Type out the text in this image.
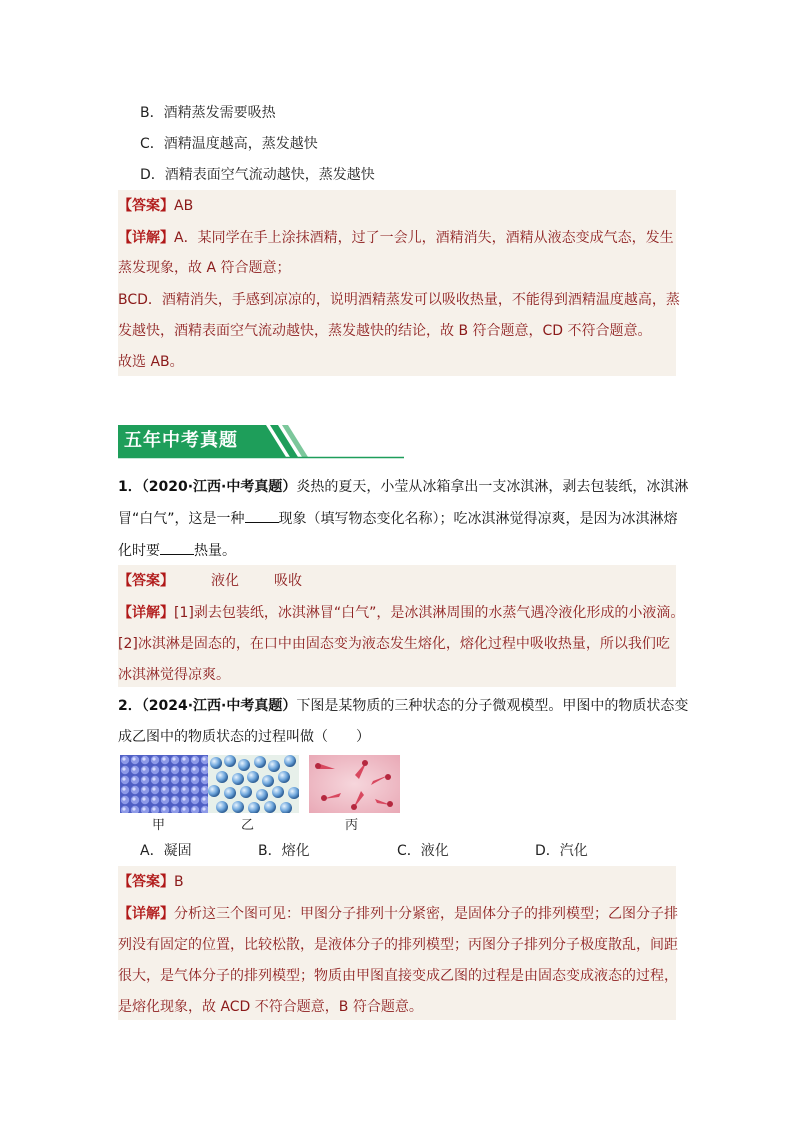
B．酒精蒸发需要吸热
C．酒精温度越高，蒸发越快
D．酒精表面空气流动越快，蒸发越快
【答案】AB
【详解】A．某同学在手上涂抹酒精，过了一会儿，酒精消失，酒精从液态变成气态，发生
蒸发现象，故 A 符合题意；
BCD．酒精消失，手感到凉凉的，说明酒精蒸发可以吸收热量，不能得到酒精温度越高，蒸
发越快，酒精表面空气流动越快，蒸发越快的结论，故 B 符合题意，CD 不符合题意。
故选 AB。
五年中考真题
1．（2020·江西·中考真题）炎热的夏天，小莹从冰箱拿出一支冰淇淋，剥去包装纸，冰淇淋
冒“白气”，这是一种 现象（填写物态变化名称）；吃冰淇淋觉得凉爽，是因为冰淇淋熔
化时要 热量。
【答案】	液化	吸收
【详解】[1]剥去包装纸，冰淇淋冒“白气”，是冰淇淋周围的水蒸气遇冷液化形成的小液滴。
[2]冰淇淋是固态的，在口中由固态变为液态发生熔化，熔化过程中吸收热量，所以我们吃
冰淇淋觉得凉爽。
2．（2024·江西·中考真题）下图是某物质的三种状态的分子微观模型。甲图中的物质状态变
成乙图中的物质状态的过程叫做（　　）
甲	乙	丙
A．凝固	B．熔化	C．液化	D．汽化
【答案】B
【详解】分析这三个图可见：甲图分子排列十分紧密，是固体分子的排列模型；乙图分子排
列没有固定的位置，比较松散，是液体分子的排列模型；丙图分子排列分子极度散乱，间距
很大，是气体分子的排列模型；物质由甲图直接变成乙图的过程是由固态变成液态的过程，
是熔化现象，故 ACD 不符合题意，B 符合题意。
